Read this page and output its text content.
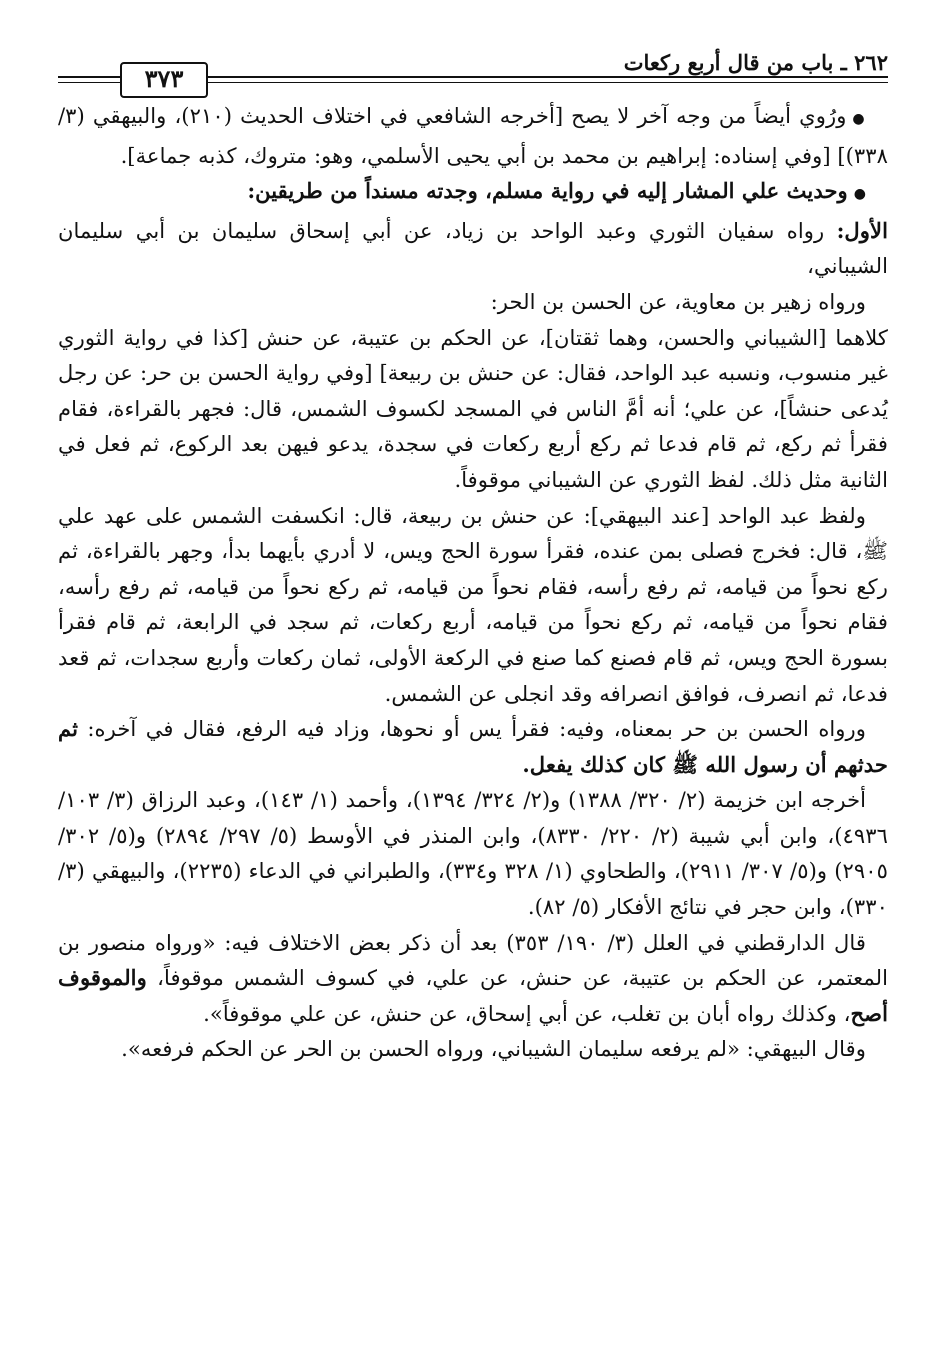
٢٦٢ ـ باب من قال أربع ركعات
٣٧٣

●ورُوي أيضاً من وجه آخر لا يصح [أخرجه الشافعي في اختلاف الحديث (٢١٠)، والبيهقي (٣/ ٣٣٨)] [وفي إسناده: إبراهيم بن محمد بن أبي يحيى الأسلمي، وهو: متروك، كذبه جماعة].

●وحديث علي المشار إليه في رواية مسلم، وجدته مسنداً من طريقين:

الأول: رواه سفيان الثوري وعبد الواحد بن زياد، عن أبي إسحاق سليمان بن أبي سليمان الشيباني،

ورواه زهير بن معاوية، عن الحسن بن الحر:

كلاهما [الشيباني والحسن، وهما ثقتان]، عن الحكم بن عتيبة، عن حنش [كذا في رواية الثوري غير منسوب، ونسبه عبد الواحد، فقال: عن حنش بن ربيعة] [وفي رواية الحسن بن حر: عن رجل يُدعى حنشاً]، عن علي؛ أنه أمَّ الناس في المسجد لكسوف الشمس، قال: فجهر بالقراءة، فقام فقرأ ثم ركع، ثم قام فدعا ثم ركع أربع ركعات في سجدة، يدعو فيهن بعد الركوع، ثم فعل في الثانية مثل ذلك. لفظ الثوري عن الشيباني موقوفاً.

ولفظ عبد الواحد [عند البيهقي]: عن حنش بن ربيعة، قال: انكسفت الشمس على عهد علي ﷺ، قال: فخرج فصلى بمن عنده، فقرأ سورة الحج ويس، لا أدري بأيهما بدأ، وجهر بالقراءة، ثم ركع نحواً من قيامه، ثم رفع رأسه، فقام نحواً من قيامه، ثم ركع نحواً من قيامه، ثم رفع رأسه، فقام نحواً من قيامه، ثم ركع نحواً من قيامه، أربع ركعات، ثم سجد في الرابعة، ثم قام فقرأ بسورة الحج ويس، ثم قام فصنع كما صنع في الركعة الأولى، ثمان ركعات وأربع سجدات، ثم قعد فدعا، ثم انصرف، فوافق انصرافه وقد انجلى عن الشمس.

ورواه الحسن بن حر بمعناه، وفيه: فقرأ يس أو نحوها، وزاد فيه الرفع، فقال في آخره: ثم حدثهم أن رسول الله ﷺ كان كذلك يفعل.

أخرجه ابن خزيمة (٢/ ٣٢٠/ ١٣٨٨) و(٢/ ٣٢٤/ ١٣٩٤)، وأحمد (١/ ١٤٣)، وعبد الرزاق (٣/ ١٠٣/ ٤٩٣٦)، وابن أبي شيبة (٢/ ٢٢٠/ ٨٣٣٠)، وابن المنذر في الأوسط (٥/ ٢٩٧/ ٢٨٩٤) و(٥/ ٣٠٢/ ٢٩٠٥) و(٥/ ٣٠٧/ ٢٩١١)، والطحاوي (١/ ٣٢٨ و٣٣٤)، والطبراني في الدعاء (٢٢٣٥)، والبيهقي (٣/ ٣٣٠)، وابن حجر في نتائج الأفكار (٥/ ٨٢).

قال الدارقطني في العلل (٣/ ١٩٠/ ٣٥٣) بعد أن ذكر بعض الاختلاف فيه: «ورواه منصور بن المعتمر، عن الحكم بن عتيبة، عن حنش، عن علي، في كسوف الشمس موقوفاً، والموقوف أصح، وكذلك رواه أبان بن تغلب، عن أبي إسحاق، عن حنش، عن علي موقوفاً».

وقال البيهقي: «لم يرفعه سليمان الشيباني، ورواه الحسن بن الحر عن الحكم فرفعه».
